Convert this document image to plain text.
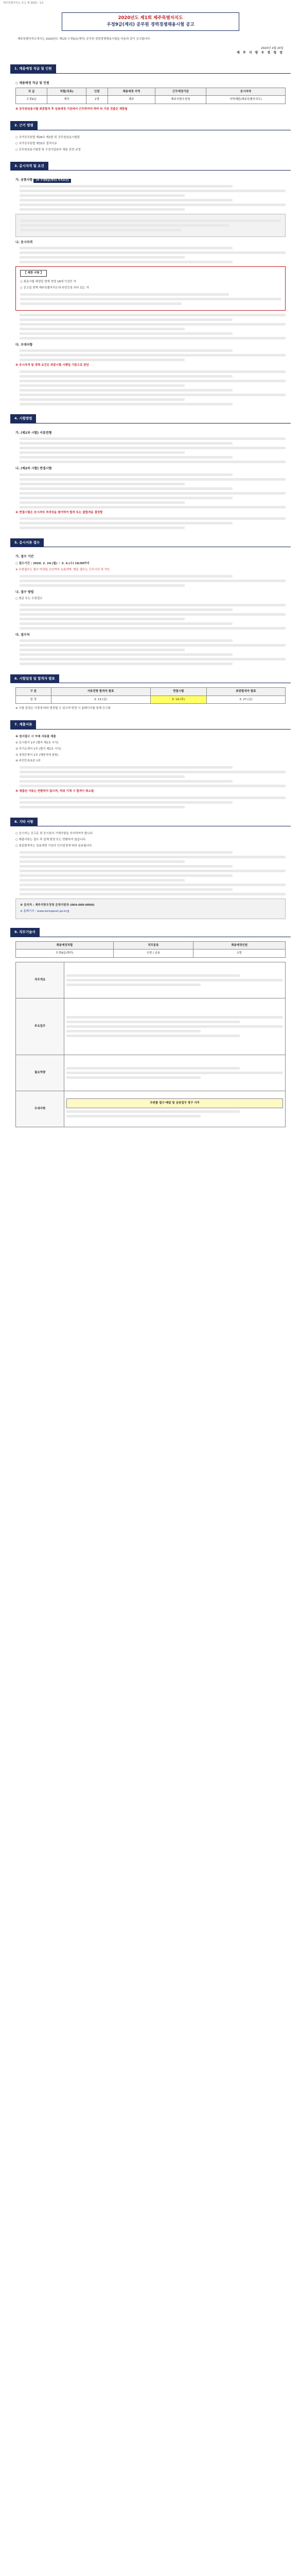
제주특별자치도 공고 제 2020 - 1호
2020년도 제1회 제주특별자치도
우정9급(계리) 공무원 경력경쟁채용시험 공고
제주특별자치도에서는 2020년도 제1회 우정9급(계리) 공무원 경력경쟁채용시험을 다음과 같이 공고합니다.
2020년 2월 20일
제 주 지 방 우 정 청 장
1. 채용예정 직급 및 인원
○ 채용예정 직급 및 인원
직 급	직렬(직류)	인원	채용예정 지역	근무예정기관	응시자격
우정9급	계리	1명	제주	제주지방우정청	지역제한(제주특별자치도)
※ 공무원임용시험 최종합격 후 임용예정 기관에서 근무하여야 하며 타 기관 전출은 제한됨
2. 근거 법령
○ 국가공무원법 제28조 제2항 및 공무원임용시험령
○ 국가공무원법 제33조 결격사유
○ 공무원임용시험령 및 우정사업본부 채용 관련 규정
3. 응시자격 및 요건
가. 공통사항 (※ 우정9급(계리) 자격요건)
나. 응시자격
【 제한 사항 】
○ 최종시험 예정일 현재 연령 18세 이상인 자
○ 공고일 현재 제주특별자치도에 주민등록 되어 있는 자
다. 우대사항
※ 응시자격 및 경력 요건은 최종시험 시행일 기준으로 판단
4. 시험방법
가. (제1차 시험) 서류전형
나. (제2차 시험) 면접시험
※ 면접시험은 응시자의 적격성을 평가하여 합격 또는 불합격을 결정함
5. 응시서류 접수
가. 접수 기간
○ 접수기간 : 2020. 2. 24.(월) ~ 3. 4.(수) 18:00까지
※ 우편접수는 접수 마감일 소인까지 유효하며, 방문 접수는 근무시간 내 가능
나. 접수 방법
○ 방문 또는 우편접수
다. 접수처
6. 시험일정 및 합격자 발표
구 분	서류전형 합격자 발표	면접시험	최종합격자 발표
일 정	3. 13.(금)	3. 19.(목)	3. 27.(금)
※ 시험 일정은 사정에 따라 변경될 수 있으며 변경 시 홈페이지를 통해 공고함
7. 제출서류
※ 원서접수 시 아래 서류를 제출
① 응시원서 1부 (별지 제1호 서식)
② 자기소개서 1부 (별지 제2호 서식)
③ 경력증명서 1부 (해당자에 한함)
④ 주민등록초본 1부
※ 제출된 서류는 반환하지 않으며, 허위 기재 시 합격이 취소됨
8. 기타 사항
○ 응시자는 공고문 및 응시원서 기재사항을 숙지하여야 합니다.
○ 제출서류는 접수 후 일체 변경 또는 반환하지 않습니다.
○ 최종합격자는 임용예정 기관의 인사일정에 따라 임용됩니다.
※ 문의처 : 제주지방우정청 운영지원과 (064-000-0000)
※ 홈페이지 : www.koreapost.go.kr/jj
9. 직무기술서
채용예정직렬	직무분류	채용예정인원
우정9급(계리)	우편 / 금융	1명
직무개요	

주요업무	

필요역량	

우대사항	우편물 접수·배달 및 금융업무 창구 사무
